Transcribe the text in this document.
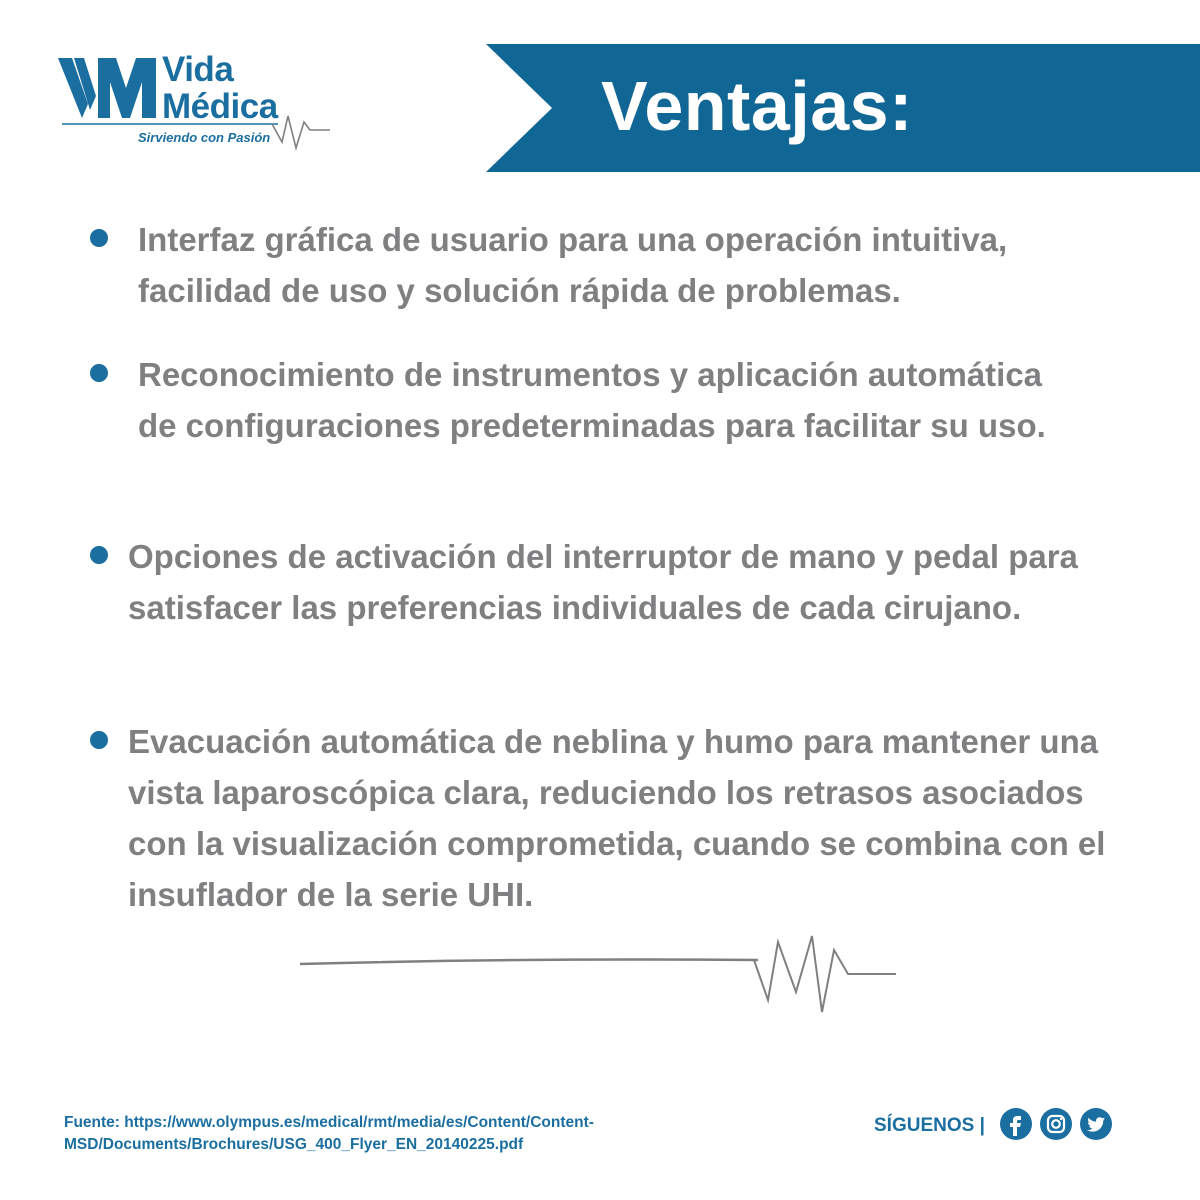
Vida
Médica
Sirviendo con Pasión	Ventajas:
Interfaz gráfica de usuario para una operación intuitiva, facilidad de uso y solución rápida de problemas.
Reconocimiento de instrumentos y aplicación automática de configuraciones predeterminadas para facilitar su uso.
Opciones de activación del interruptor de mano y pedal para satisfacer las preferencias individuales de cada cirujano.
Evacuación automática de neblina y humo para mantener una vista laparoscópica clara, reduciendo los retrasos asociados con la visualización comprometida, cuando se combina con el insuflador de la serie UHI.
Fuente: https://www.olympus.es/medical/rmt/media/es/Content/Content-MSD/Documents/Brochures/USG_400_Flyer_EN_20140225.pdf
SÍGUENOS |
